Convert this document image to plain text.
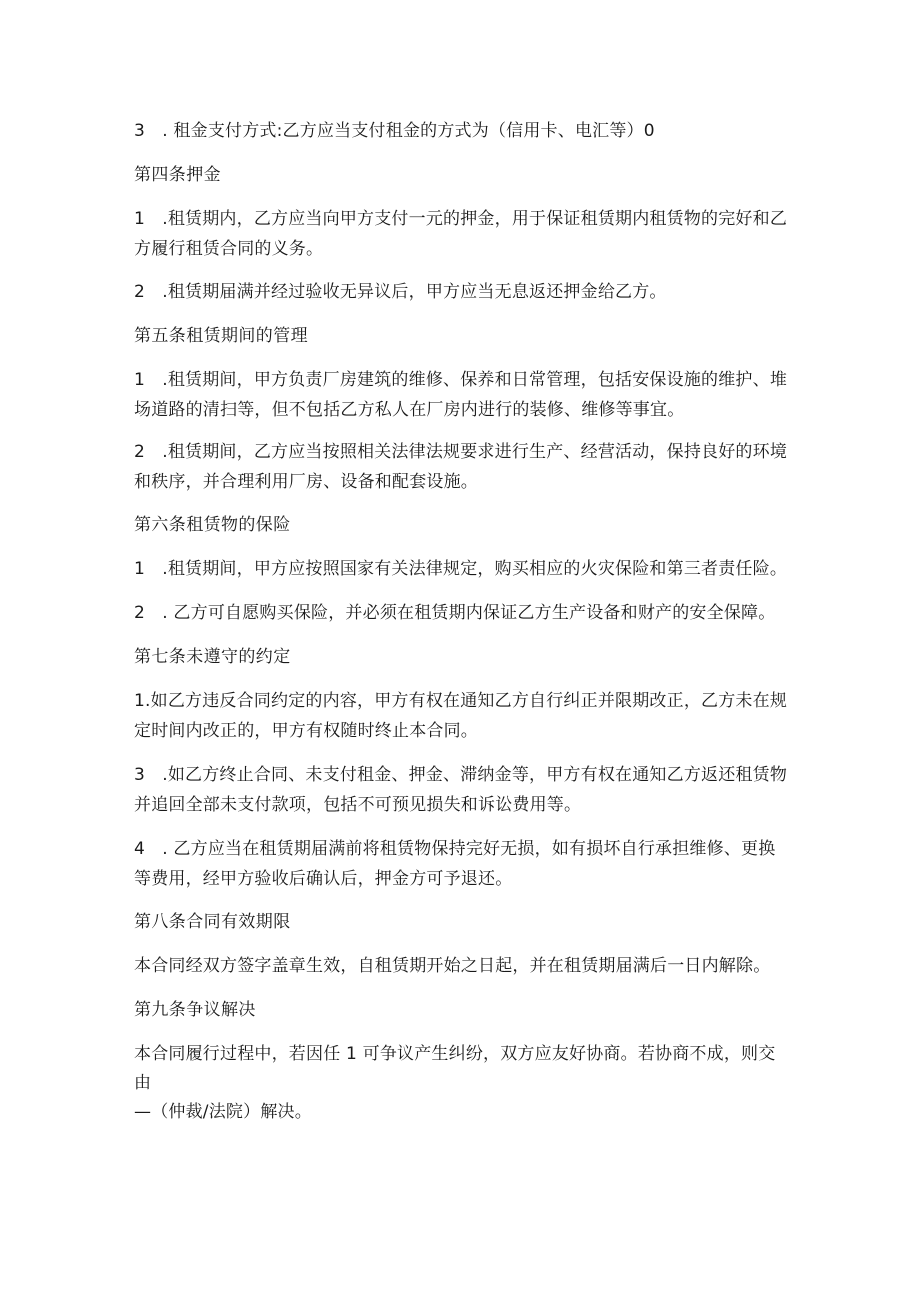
3　. 租金支付方式:乙方应当支付租金的方式为（信用卡、电汇等）0

第四条押金

1　.租赁期内，乙方应当向甲方支付一元的押金，用于保证租赁期内租赁物的完好和乙

方履行租赁合同的义务。

2　.租赁期届满并经过验收无异议后，甲方应当无息返还押金给乙方。

第五条租赁期间的管理

1　.租赁期间，甲方负责厂房建筑的维修、保养和日常管理，包括安保设施的维护、堆

场道路的清扫等，但不包括乙方私人在厂房内进行的装修、维修等事宜。

2　.租赁期间，乙方应当按照相关法律法规要求进行生产、经营活动，保持良好的环境

和秩序，并合理利用厂房、设备和配套设施。

第六条租赁物的保险

1　.租赁期间，甲方应按照国家有关法律规定，购买相应的火灾保险和第三者责任险。

2　. 乙方可自愿购买保险，并必须在租赁期内保证乙方生产设备和财产的安全保障。

第七条未遵守的约定

1.如乙方违反合同约定的内容，甲方有权在通知乙方自行纠正并限期改正，乙方未在规

定时间内改正的，甲方有权随时终止本合同。

3　.如乙方终止合同、未支付租金、押金、滞纳金等，甲方有权在通知乙方返还租赁物

并追回全部未支付款项，包括不可预见损失和诉讼费用等。

4　. 乙方应当在租赁期届满前将租赁物保持完好无损，如有损坏自行承担维修、更换

等费用，经甲方验收后确认后，押金方可予退还。

第八条合同有效期限

本合同经双方签字盖章生效，自租赁期开始之日起，并在租赁期届满后一日内解除。

第九条争议解决

本合同履行过程中，若因任 1 可争议产生纠纷，双方应友好协商。若协商不成，则交

由

—（仲裁/法院）解决。
